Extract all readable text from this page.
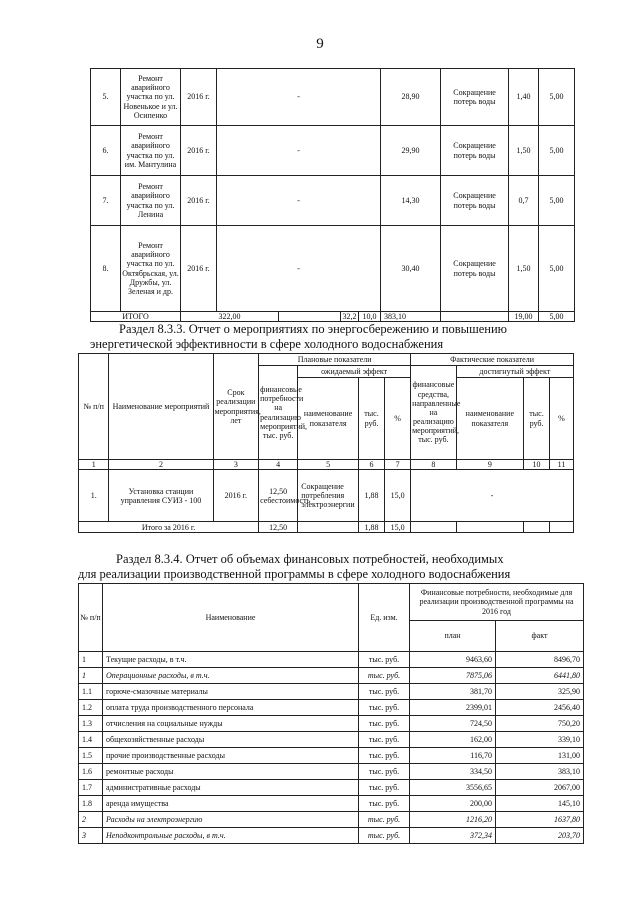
9
5.	Ремонт аварийного участка по ул. Новенькое и ул. Осипенко	2016 г.	-				28,90	Сокращение потерь воды	1,40	5,00
6.	Ремонт аварийного участка по ул. им. Мантулина	2016 г.	-				29,90	Сокращение потерь воды	1,50	5,00
7.	Ремонт аварийного участка по ул. Ленина	2016 г.	-				14,30	Сокращение потерь воды	0,7	5,00
8.	Ремонт аварийного участка по ул. Октябрьская, ул. Дружбы, ул. Зеленая и др.	2016 г.	-				30,40	Сокращение потерь воды	1,50	5,00
ИТОГО		322,00			32,2	10,0	383,10		19,00	5,00
Раздел 8.3.3. Отчет о мероприятиях по энергосбережению и повышению
энергетической эффективности в сфере холодного водоснабжения
№ п/п	Наименование мероприятий	Срок реализации мероприятия, лет	Плановые показатели				Фактические показатели			
			финансовые потребности на реализацию мероприятий, тыс. руб.	ожидаемый эффект			финансовые средства, направленные на реализацию мероприятий, тыс. руб.	достигнутый эффект		
				наименование показателя	тыс. руб.	%		наименование показателя	тыс. руб.	%
1	2	3	4	5	6	7	8	9	10	11
1.	Установка станции управления СУИЗ - 100	2016 г.	12,50 себестоимость	Сокращение потребления электроэнергии	1,88	15,0	-			
Итого за 2016 г.			12,50		1,88	15,0				
Раздел 8.3.4. Отчет об объемах финансовых потребностей, необходимых
для реализации производственной программы в сфере холодного водоснабжения
№ п/п	Наименование	Ед. изм.	Финансовые потребности, необходимые для реализации производственной программы на 2016 год	
			план	факт
1	Текущие расходы, в т.ч.	тыс. руб.	9463,60	8496,70
1	Операционные расходы, в т.ч.	тыс. руб.	7875,06	6441,80
1.1	горюче-смазочные материалы	тыс. руб.	381,70	325,90
1.2	оплата труда производственного персонала	тыс. руб.	2399,01	2456,40
1.3	отчисления на социальные нужды	тыс. руб.	724,50	750,20
1.4	общехозяйственные расходы	тыс. руб.	162,00	339,10
1.5	прочие производственные расходы	тыс. руб.	116,70	131,00
1.6	ремонтные расходы	тыс. руб.	334,50	383,10
1.7	административные расходы	тыс. руб.	3556,65	2067,00
1.8	аренда имущества	тыс. руб.	200,00	145,10
2	Расходы на электроэнергию	тыс. руб.	1216,20	1637,80
3	Неподконтрольные расходы, в т.ч.	тыс. руб.	372,34	203,70
